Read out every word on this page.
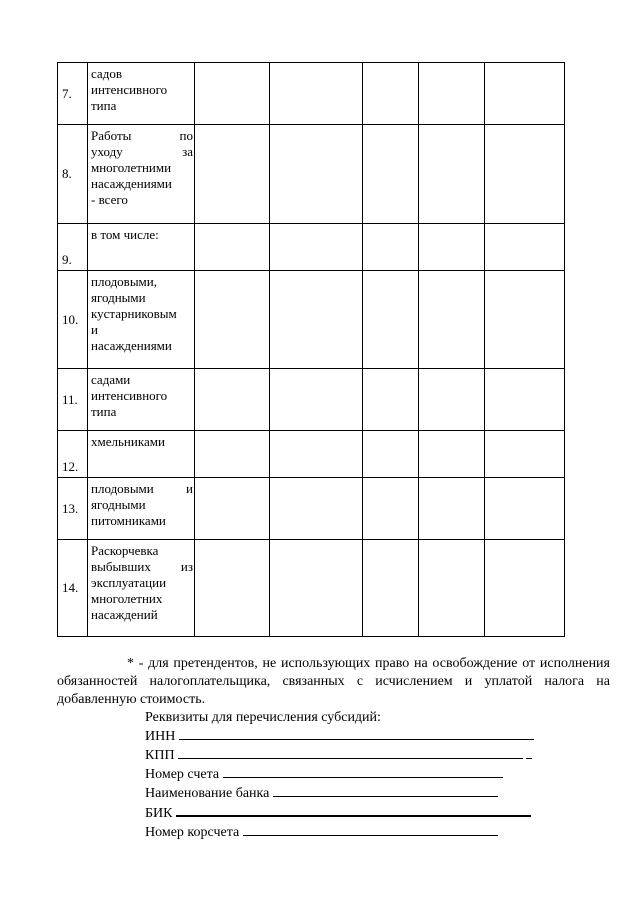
7.	садов
интенсивного
типа					

8.	Работы по
уходу за
многолетними
насаждениями
- всего					

9.	в том числе:					

10.	плодовыми,
ягодными
кустарниковым
и
насаждениями					

11.	садами
интенсивного
типа					

12.	хмельниками					

13.	плодовыми и
ягодными
питомниками					

14.	Раскорчевка
выбывших из
эксплуатации
многолетних
насаждений					

* - для претендентов, не использующих право на освобождение от исполнения обязанностей налогоплательщика, связанных с исчислением и уплатой налога на добавленную стоимость.

Реквизиты для перечисления субсидий:
ИНН
КПП
Номер счета
Наименование банка
БИК
Номер корсчета
